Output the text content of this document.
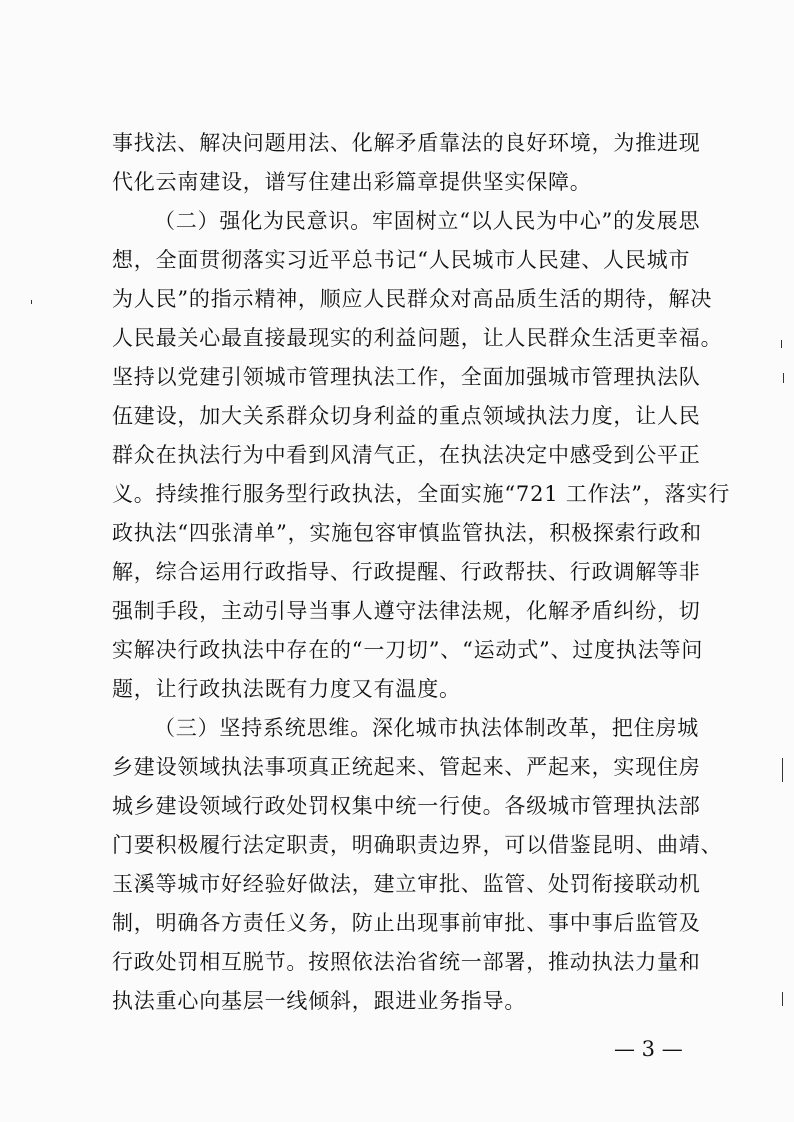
事找法、解决问题用法、化解矛盾靠法的良好环境，为推进现
代化云南建设，谱写住建出彩篇章提供坚实保障。
（二）强化为民意识。牢固树立“以人民为中心”的发展思
想，全面贯彻落实习近平总书记“人民城市人民建、人民城市
为人民”的指示精神，顺应人民群众对高品质生活的期待，解决
人民最关心最直接最现实的利益问题，让人民群众生活更幸福。
坚持以党建引领城市管理执法工作，全面加强城市管理执法队
伍建设，加大关系群众切身利益的重点领域执法力度，让人民
群众在执法行为中看到风清气正，在执法决定中感受到公平正
义。持续推行服务型行政执法，全面实施“721 工作法”，落实行
政执法“四张清单”，实施包容审慎监管执法，积极探索行政和
解，综合运用行政指导、行政提醒、行政帮扶、行政调解等非
强制手段，主动引导当事人遵守法律法规，化解矛盾纠纷，切
实解决行政执法中存在的“一刀切”、“运动式”、过度执法等问
题，让行政执法既有力度又有温度。
（三）坚持系统思维。深化城市执法体制改革，把住房城
乡建设领域执法事项真正统起来、管起来、严起来，实现住房
城乡建设领域行政处罚权集中统一行使。各级城市管理执法部
门要积极履行法定职责，明确职责边界，可以借鉴昆明、曲靖、
玉溪等城市好经验好做法，建立审批、监管、处罚衔接联动机
制，明确各方责任义务，防止出现事前审批、事中事后监管及
行政处罚相互脱节。按照依法治省统一部署，推动执法力量和
执法重心向基层一线倾斜，跟进业务指导。
— 3 —
